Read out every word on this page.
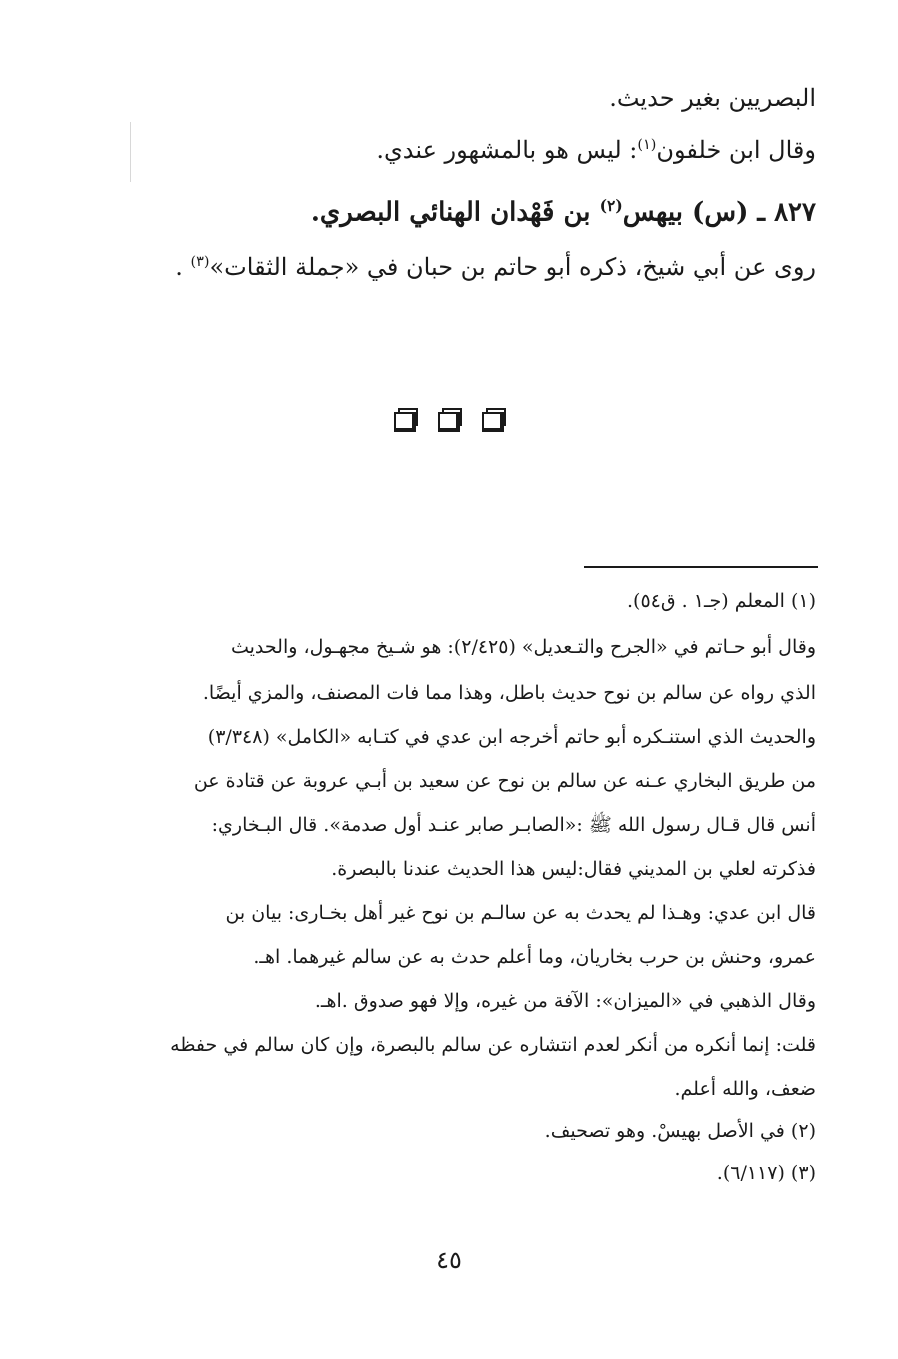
البصريين بغير حديث.
وقال ابن خلفون$^{(١)}$: ليس هو بالمشهور عندي.
٨٢٧ ـ (س) بيهس$^{(٢)}$ بن فَهْدان الهنائي البصري.
روى عن أبي شيخ، ذكره أبو حاتم بن حبان في «جملة الثقات»$^{(٣)}$ .
(١) المعلم (جـ١ . ق٥٤).
وقال أبو حـاتم في «الجرح والتـعديل» (٢/٤٢٥): هو شـيخ مجهـول، والحديث
الذي رواه عن سالم بن نوح حديث باطل، وهذا مما فات المصنف، والمزي أيضًا.
والحديث الذي استنـكره أبو حاتم أخرجه ابن عدي في كتـابه «الكامل» (٣/٣٤٨)
من طريق البخاري عـنه عن سالم بن نوح عن سعيد بن أبـي عروبة عن قتادة عن
أنس قال قـال رسول الله ﷺ :«الصابـر صابر عنـد أول صدمة». قال البـخاري:
فذكرته لعلي بن المديني فقال:ليس هذا الحديث عندنا بالبصرة.
قال ابن عدي: وهـذا لم يحدث به عن سالـم بن نوح غير أهل بخـارى: بيان بن
عمرو، وحنش بن حرب بخاريان، وما أعلم حدث به عن سالم غيرهما. اهـ.
وقال الذهبي في «الميزان»: الآفة من غيره، وإلا فهو صدوق .اهـ.
قلت: إنما أنكره من أنكر لعدم انتشاره عن سالم بالبصرة، وإن كان سالم في حفظه
ضعف، والله أعلم.
(٢) في الأصل بهيسْ. وهو تصحيف.
(٣) (٦/١١٧).
٤٥
